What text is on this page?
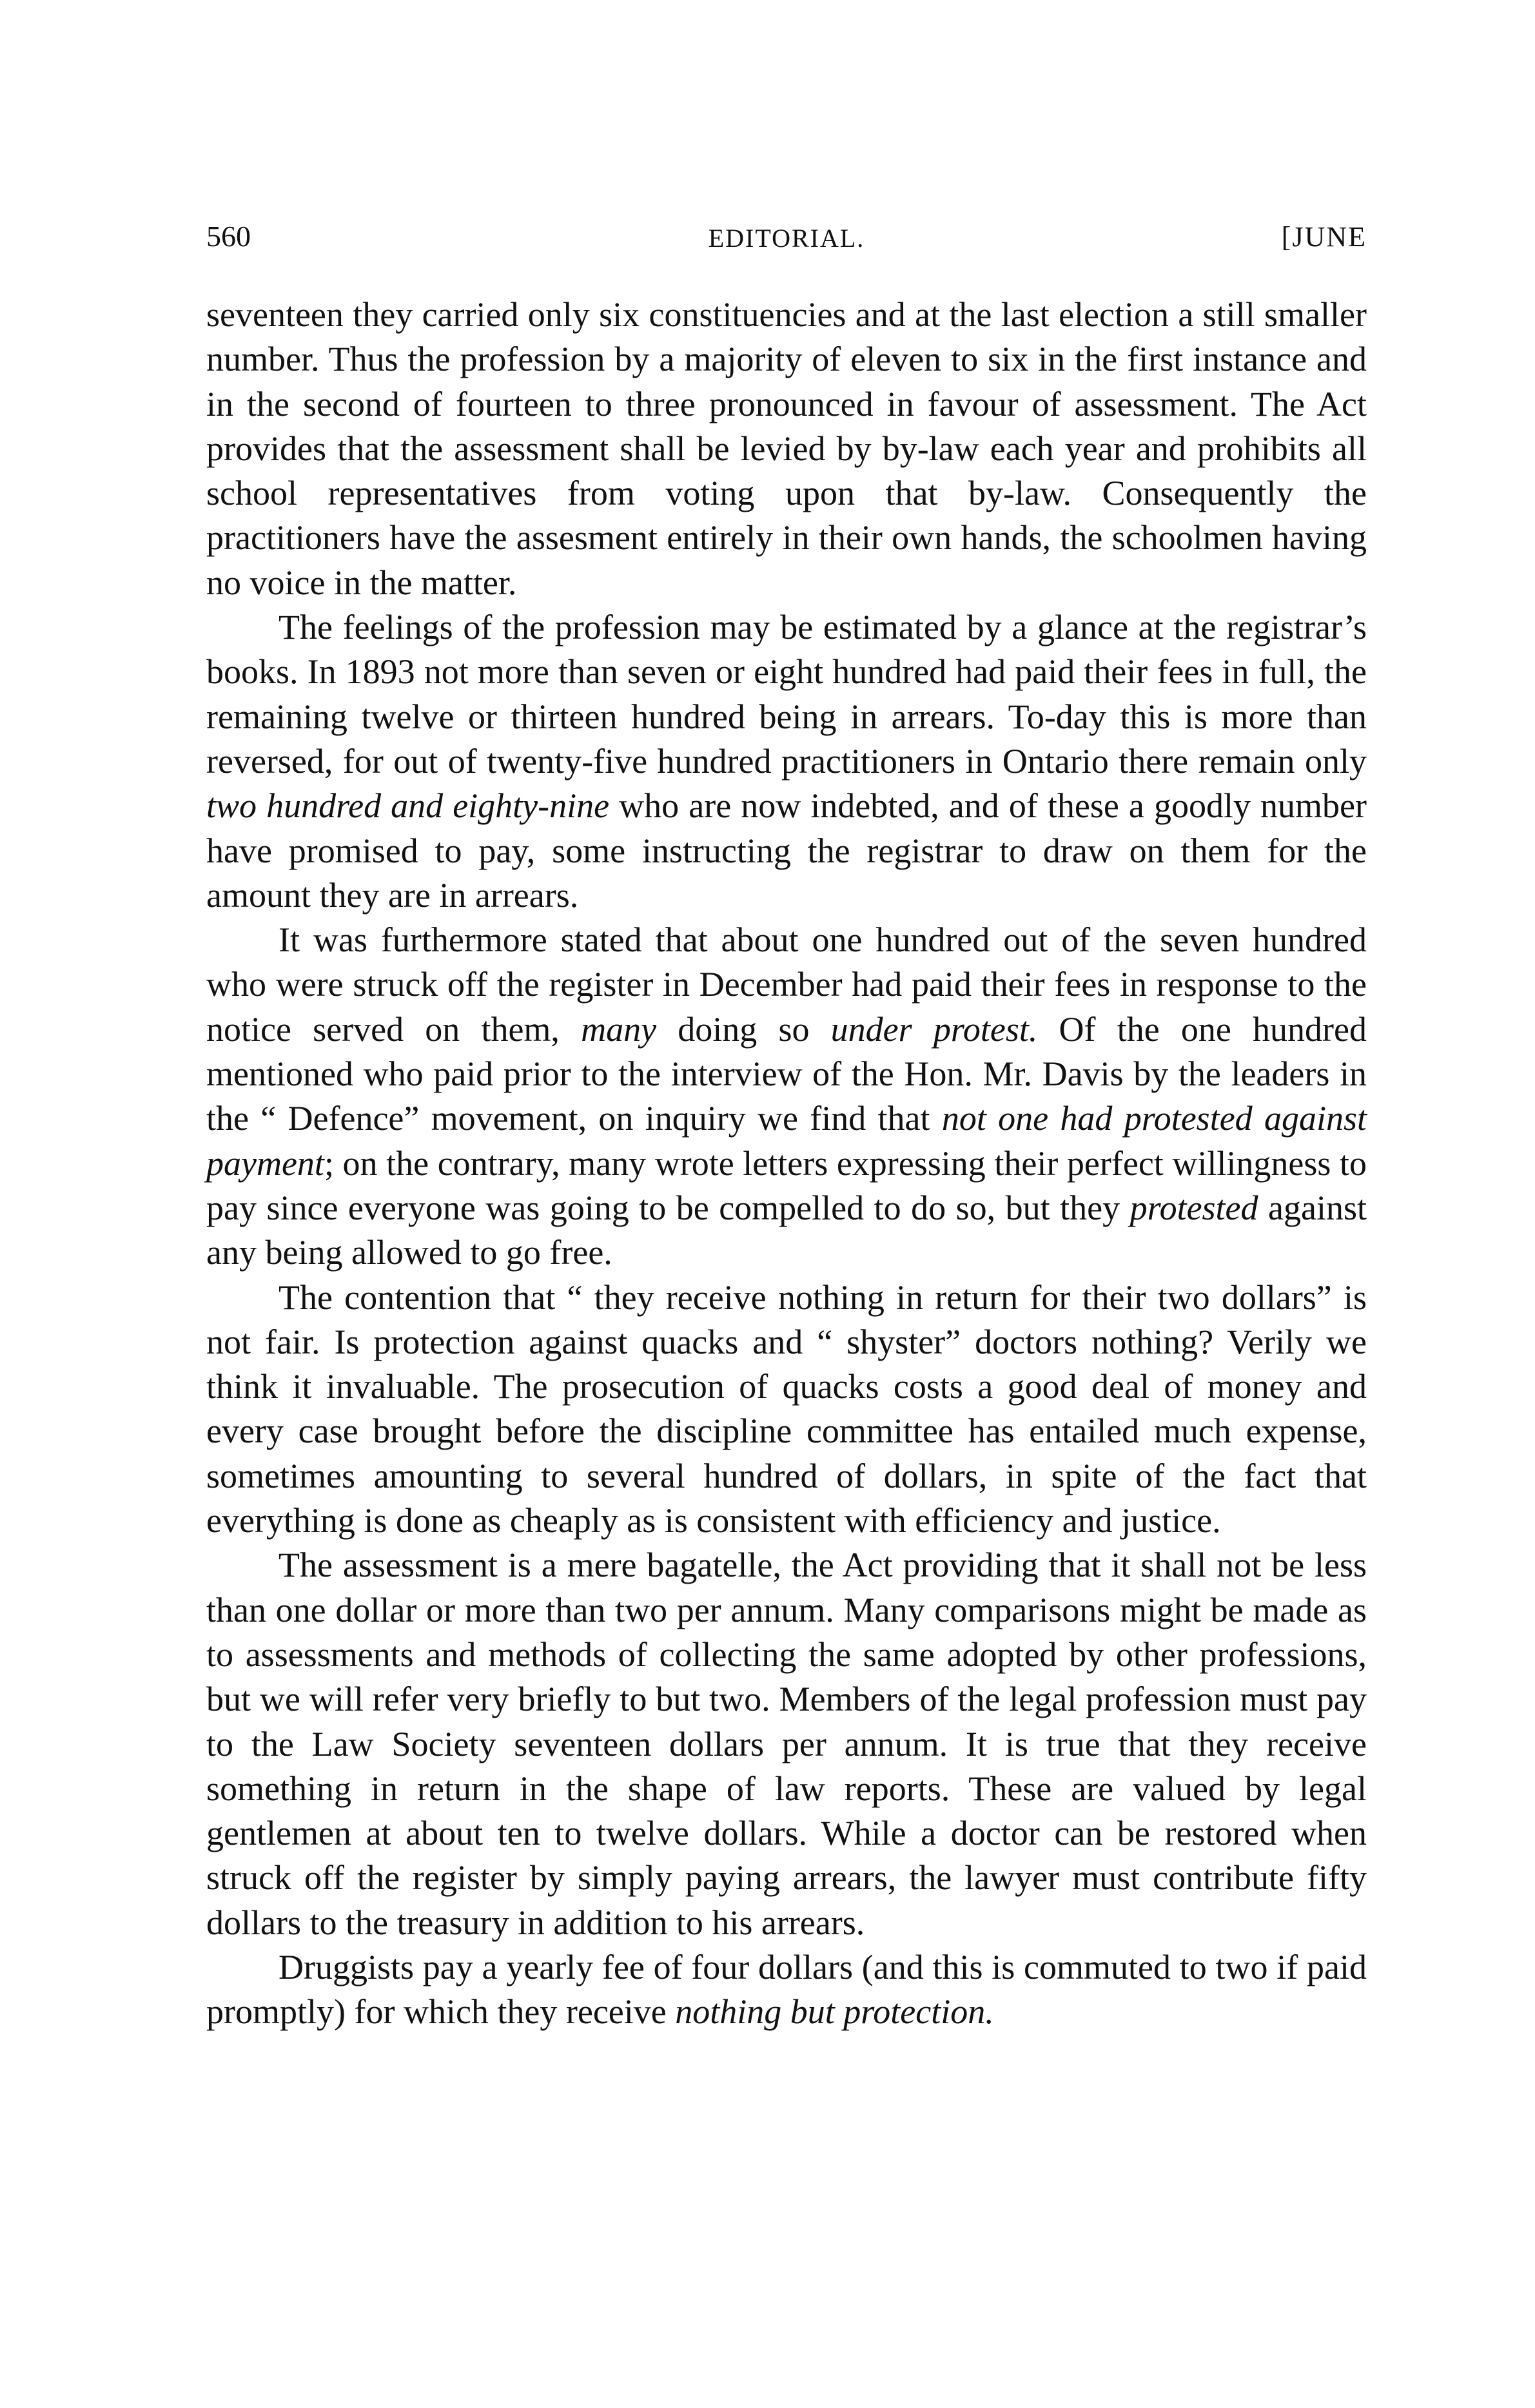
560	EDITORIAL.	[JUNE

seventeen they carried only six constituencies and at the last election a still smaller number. Thus the profession by a majority of eleven to six in the first instance and in the second of fourteen to three pronounced in favour of assessment. The Act provides that the assessment shall be levied by by-law each year and prohibits all school representatives from voting upon that by-law. Consequently the practitioners have the assesment entirely in their own hands, the schoolmen having no voice in the matter.

The feelings of the profession may be estimated by a glance at the registrar’s books. In 1893 not more than seven or eight hundred had paid their fees in full, the remaining twelve or thirteen hundred being in arrears. To-day this is more than reversed, for out of twenty-five hundred practitioners in Ontario there remain only two hundred and eighty-nine who are now indebted, and of these a goodly number have promised to pay, some instructing the registrar to draw on them for the amount they are in arrears.

It was furthermore stated that about one hundred out of the seven hundred who were struck off the register in December had paid their fees in response to the notice served on them, many doing so under protest. Of the one hundred mentioned who paid prior to the interview of the Hon. Mr. Davis by the leaders in the “ Defence” movement, on inquiry we find that not one had protested against payment; on the contrary, many wrote letters expressing their perfect willingness to pay since everyone was going to be compelled to do so, but they protested against any being allowed to go free.

The contention that “ they receive nothing in return for their two dollars” is not fair. Is protection against quacks and “ shyster” doctors nothing? Verily we think it invaluable. The prosecution of quacks costs a good deal of money and every case brought before the discipline committee has entailed much expense, sometimes amounting to several hundred of dollars, in spite of the fact that everything is done as cheaply as is consistent with efficiency and justice.

The assessment is a mere bagatelle, the Act providing that it shall not be less than one dollar or more than two per annum. Many comparisons might be made as to assessments and methods of collecting the same adopted by other professions, but we will refer very briefly to but two. Members of the legal profession must pay to the Law Society seventeen dollars per annum. It is true that they receive something in return in the shape of law reports. These are valued by legal gentlemen at about ten to twelve dollars. While a doctor can be restored when struck off the register by simply paying arrears, the lawyer must contribute fifty dollars to the treasury in addition to his arrears.

Druggists pay a yearly fee of four dollars (and this is commuted to two if paid promptly) for which they receive nothing but protection.
